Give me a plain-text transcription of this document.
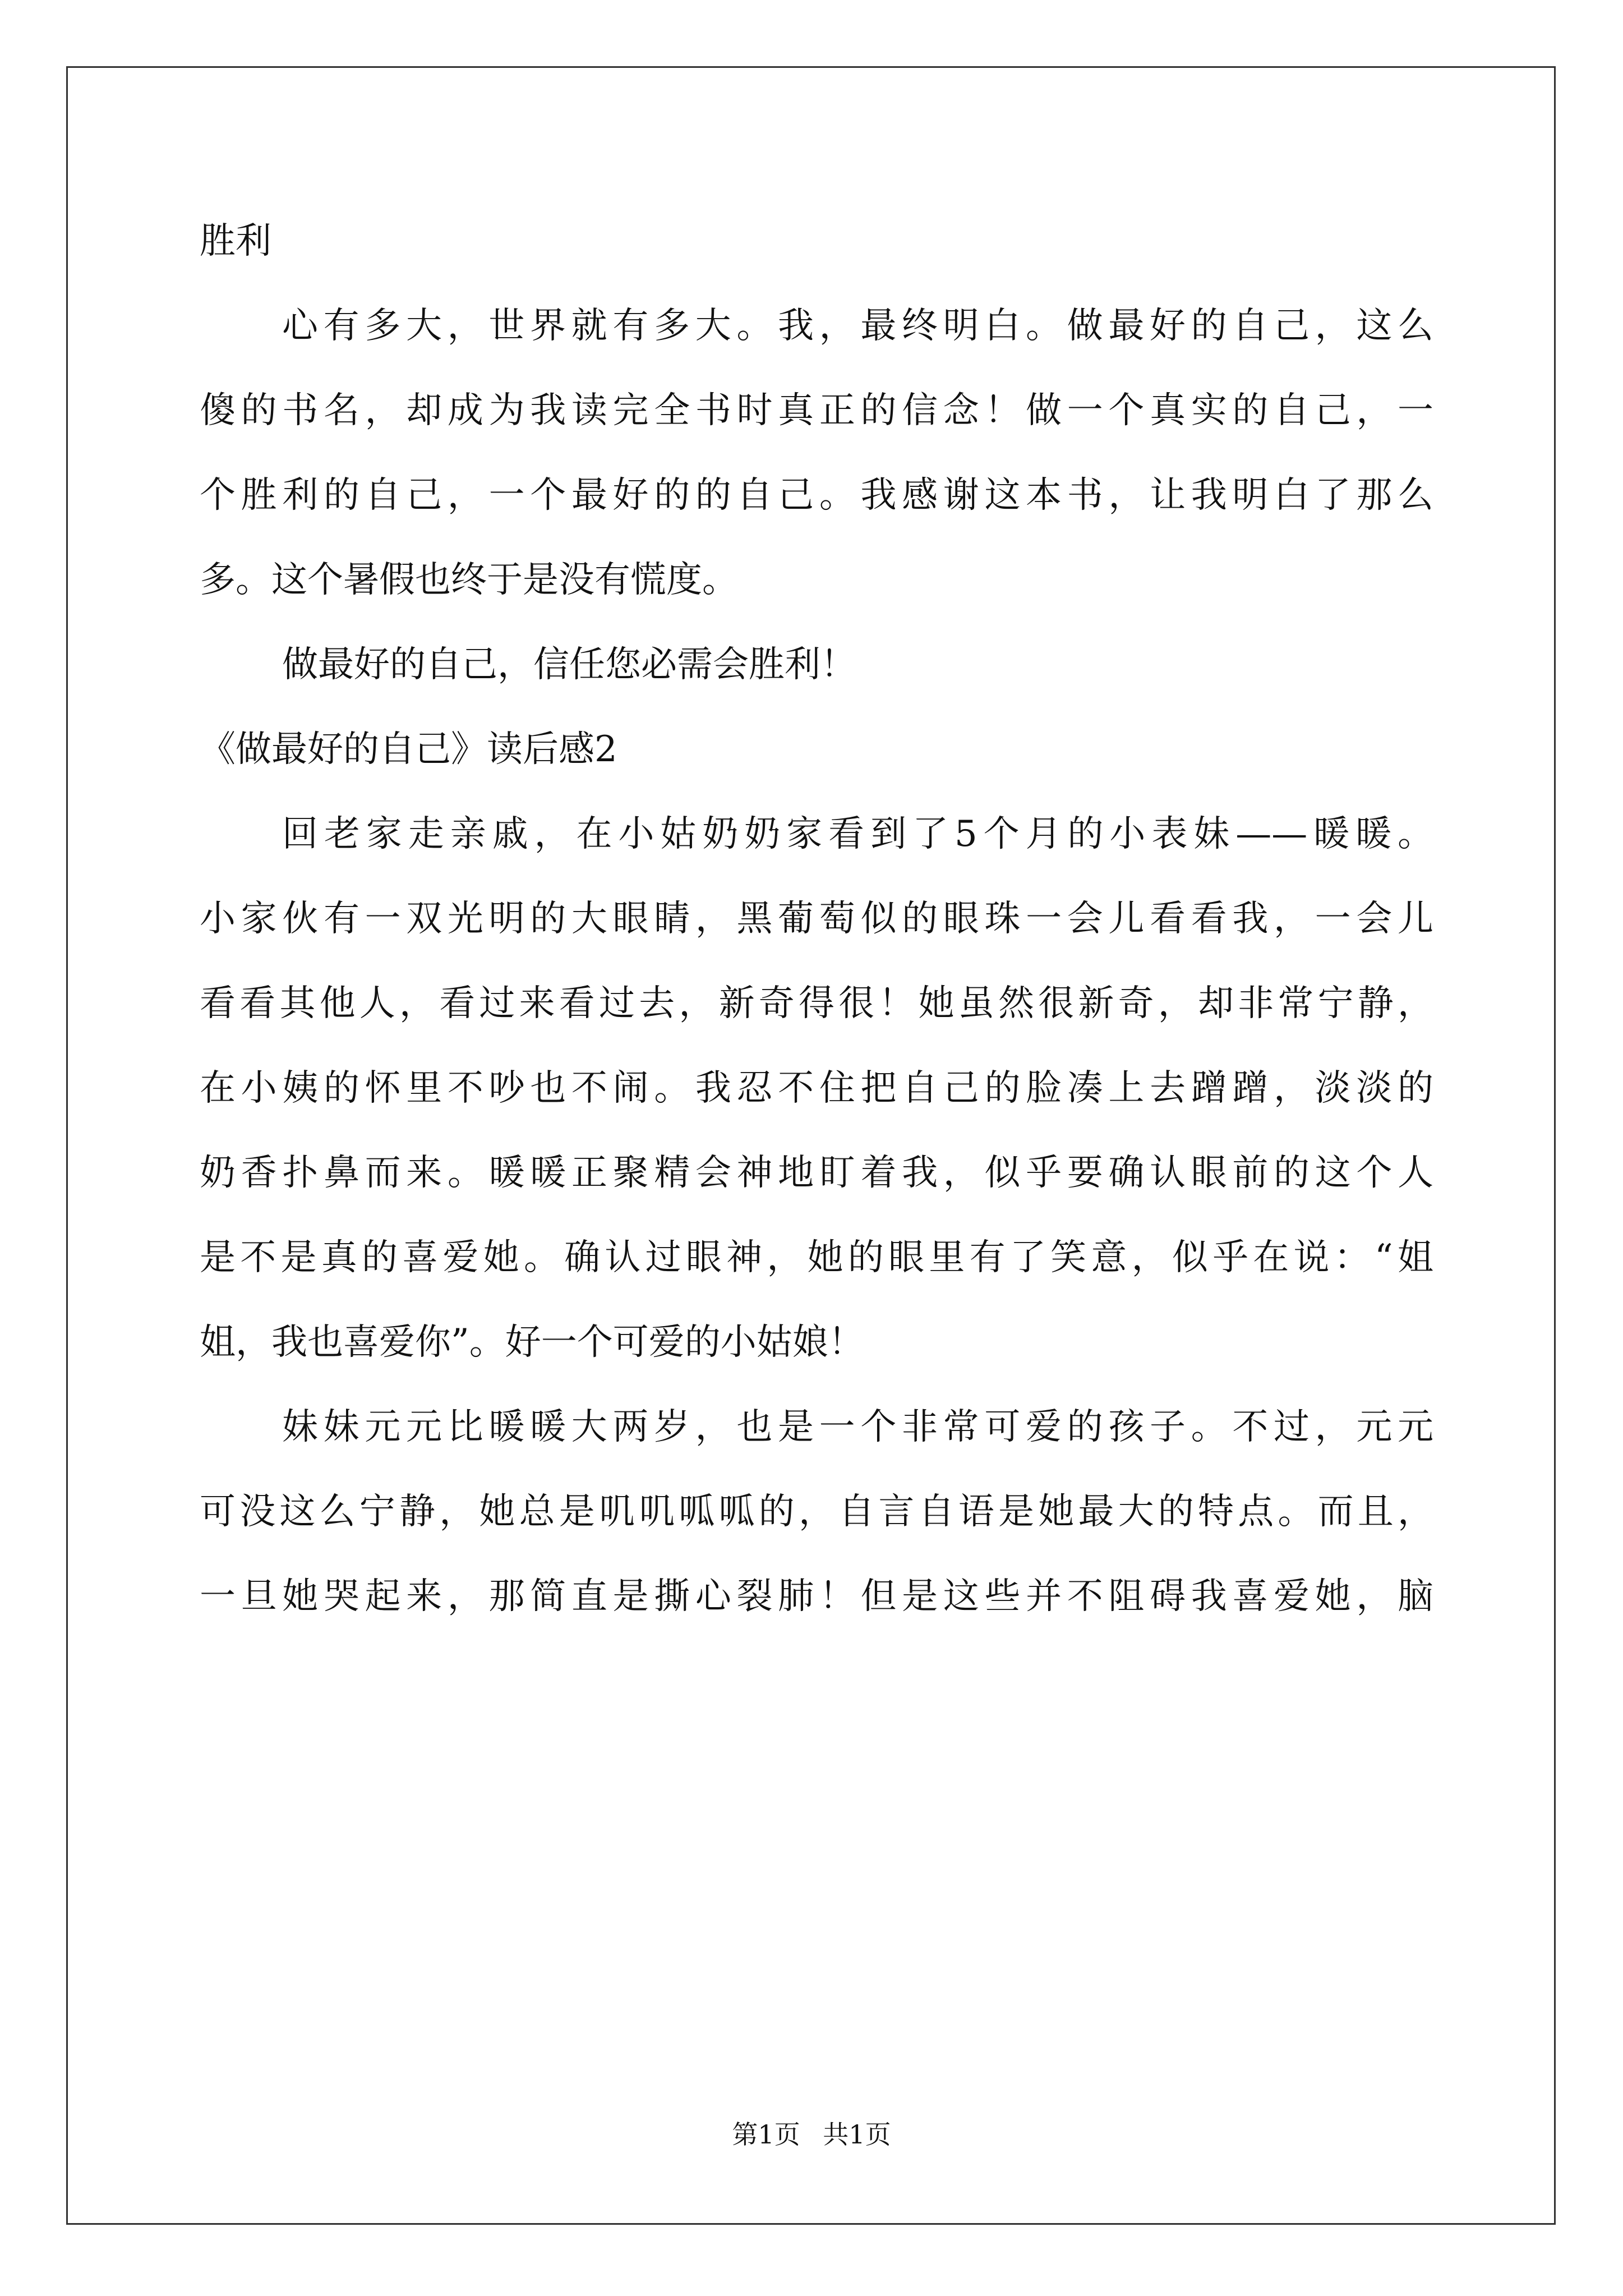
胜利
心有多大，世界就有多大。我，最终明白。做最好的自己，这么
傻的书名，却成为我读完全书时真正的信念！做一个真实的自己，一
个胜利的自己，一个最好的的自己。我感谢这本书，让我明白了那么
多。这个暑假也终于是没有慌度。
做最好的自己，信任您必需会胜利！
《做最好的自己》读后感2
回老家走亲戚，在小姑奶奶家看到了5个月的小表妹——暖暖。
小家伙有一双光明的大眼睛，黑葡萄似的眼珠一会儿看看我，一会儿
看看其他人，看过来看过去，新奇得很！她虽然很新奇，却非常宁静，
在小姨的怀里不吵也不闹。我忍不住把自己的脸凑上去蹭蹭，淡淡的
奶香扑鼻而来。暖暖正聚精会神地盯着我，似乎要确认眼前的这个人
是不是真的喜爱她。确认过眼神，她的眼里有了笑意，似乎在说：“姐
姐，我也喜爱你”。好一个可爱的小姑娘！
妹妹元元比暖暖大两岁，也是一个非常可爱的孩子。不过，元元
可没这么宁静，她总是叽叽呱呱的，自言自语是她最大的特点。而且，
一旦她哭起来，那简直是撕心裂肺！但是这些并不阻碍我喜爱她，脑
第1页 共1页
